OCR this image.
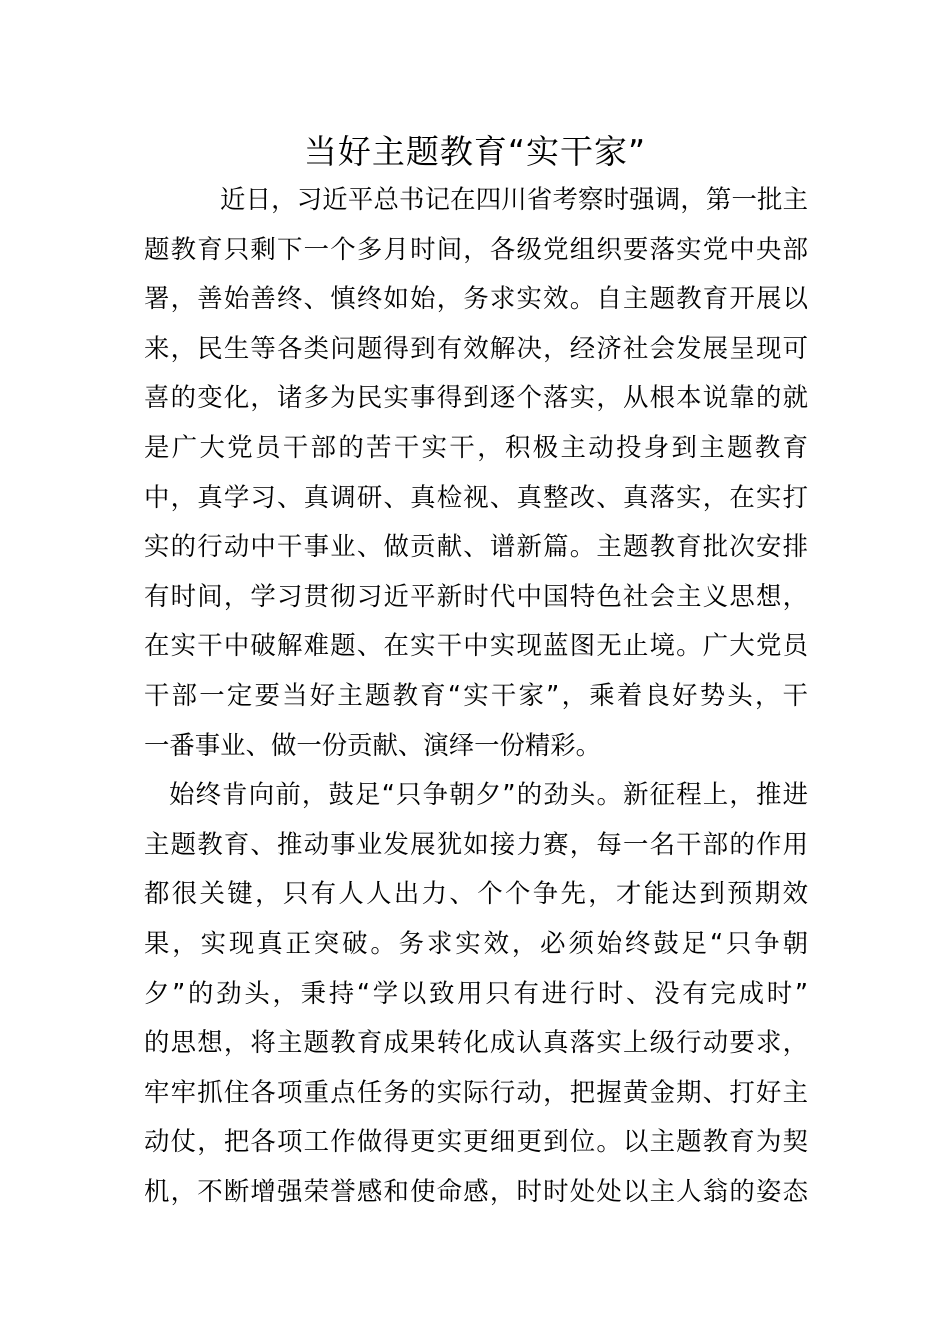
当好主题教育“实干家”
近日，习近平总书记在四川省考察时强调，第一批主
题教育只剩下一个多月时间，各级党组织要落实党中央部
署，善始善终、慎终如始，务求实效。自主题教育开展以
来，民生等各类问题得到有效解决，经济社会发展呈现可
喜的变化，诸多为民实事得到逐个落实，从根本说靠的就
是广大党员干部的苦干实干，积极主动投身到主题教育
中，真学习、真调研、真检视、真整改、真落实，在实打
实的行动中干事业、做贡献、谱新篇。主题教育批次安排
有时间，学习贯彻习近平新时代中国特色社会主义思想，
在实干中破解难题、在实干中实现蓝图无止境。广大党员
干部一定要当好主题教育“实干家”，乘着良好势头，干
一番事业、做一份贡献、演绎一份精彩。
始终肯向前，鼓足“只争朝夕”的劲头。新征程上，推进
主题教育、推动事业发展犹如接力赛，每一名干部的作用
都很关键，只有人人出力、个个争先，才能达到预期效
果，实现真正突破。务求实效，必须始终鼓足“只争朝
夕”的劲头，秉持“学以致用只有进行时、没有完成时”
的思想，将主题教育成果转化成认真落实上级行动要求，
牢牢抓住各项重点任务的实际行动，把握黄金期、打好主
动仗，把各项工作做得更实更细更到位。以主题教育为契
机，不断增强荣誉感和使命感，时时处处以主人翁的姿态
